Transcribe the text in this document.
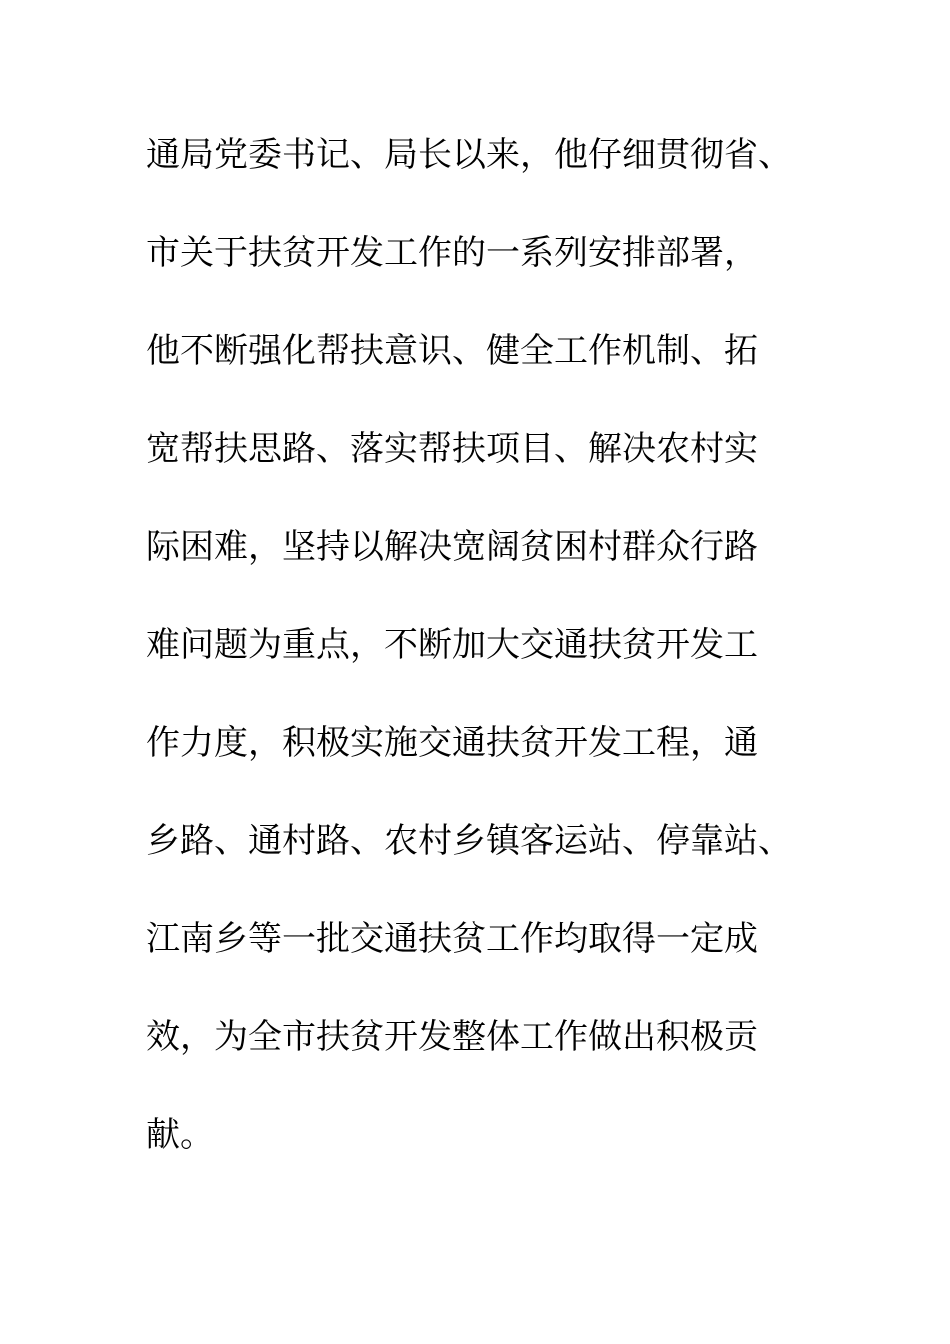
通局党委书记、局长以来，他仔细贯彻省、
市关于扶贫开发工作的一系列安排部署，
他不断强化帮扶意识、健全工作机制、拓
宽帮扶思路、落实帮扶项目、解决农村实
际困难，坚持以解决宽阔贫困村群众行路
难问题为重点，不断加大交通扶贫开发工
作力度，积极实施交通扶贫开发工程，通
乡路、通村路、农村乡镇客运站、停靠站、
江南乡等一批交通扶贫工作均取得一定成
效，为全市扶贫开发整体工作做出积极贡
献。
